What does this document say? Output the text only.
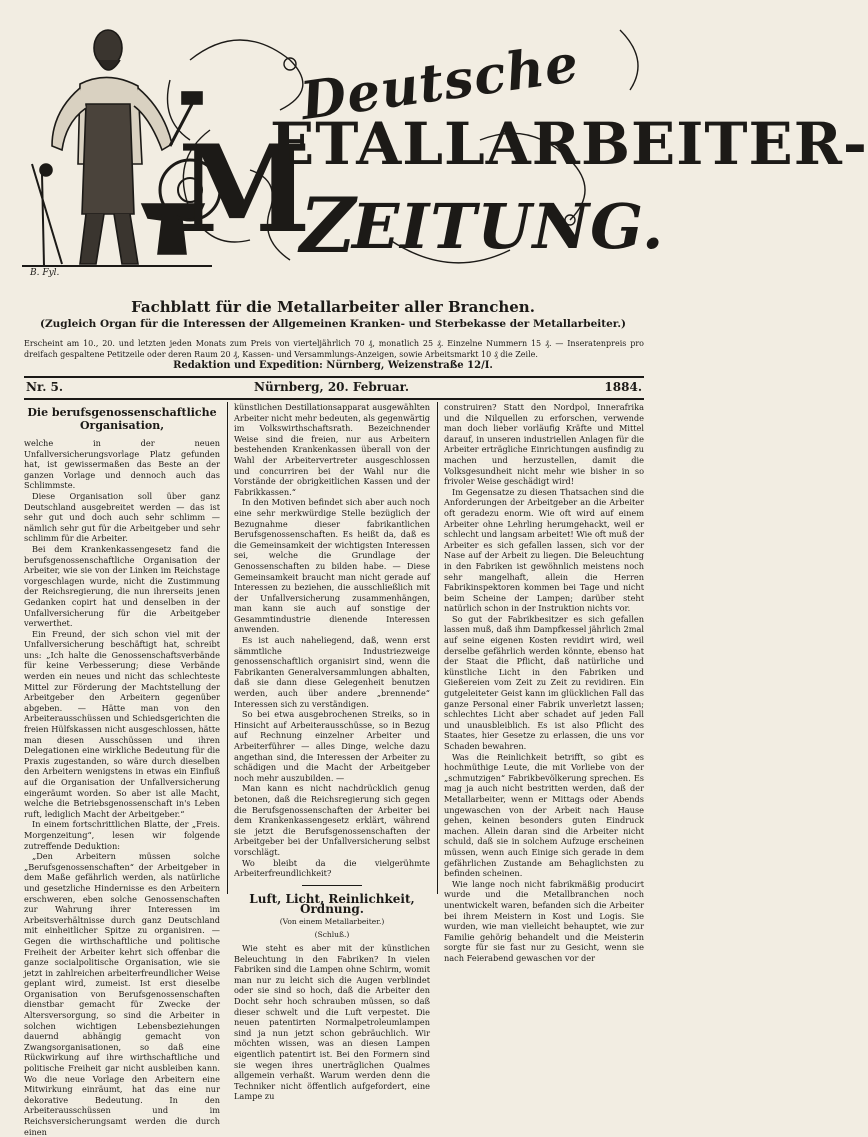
Deutsche
M
ETALLARBEITER-
Z
EITUNG.
B. Fyl.
Fachblatt für die Metallarbeiter aller Branchen.
(Zugleich Organ für die Interessen der Allgemeinen Kranken- und Sterbekasse der Metallarbeiter.)
Erscheint am 10., 20. und letzten jeden Monats zum Preis von vierteljährlich 70 ₰, monatlich 25 ₰. Einzelne Nummern 15 ₰. — Inseratenpreis pro dreifach gespaltene Petitzeile oder deren Raum 20 ₰, Kassen- und Versammlungs-Anzeigen, sowie Arbeitsmarkt 10 ₰ die Zeile.
Redaktion und Expedition: Nürnberg, Weizenstraße 12/I.
Nr. 5.	Nürnberg, 20. Februar.	1884.
Die berufsgenossenschaftliche Organisation,

welche in der neuen Unfallversicherungsvorlage Platz gefunden hat, ist gewissermaßen das Beste an der ganzen Vorlage und dennoch auch das Schlimmste.

Diese Organisation soll über ganz Deutschland ausgebreitet werden — das ist sehr gut und doch auch sehr schlimm — nämlich sehr gut für die Arbeitgeber und sehr schlimm für die Arbeiter.

Bei dem Krankenkassengesetz fand die berufsgenossenschaftliche Organisation der Arbeiter, wie sie von der Linken im Reichstage vorgeschlagen wurde, nicht die Zustimmung der Reichsregierung, die nun ihrerseits jenen Gedanken copirt hat und denselben in der Unfallversicherung für die Arbeitgeber verwerthet.

Ein Freund, der sich schon viel mit der Unfallversicherung beschäftigt hat, schreibt uns: „Ich halte die Genossenschaftsverbände für keine Verbesserung; diese Verbände werden ein neues und nicht das schlechteste Mittel zur Förderung der Machtstellung der Arbeitgeber den Arbeitern gegenüber abgeben. — Hätte man von den Arbeiterausschüssen und Schiedsgerichten die freien Hülfskassen nicht ausgeschlossen, hätte man diesen Ausschüssen und ihren Delegationen eine wirkliche Bedeutung für die Praxis zugestanden, so wäre durch dieselben den Arbeitern wenigstens in etwas ein Einfluß auf die Organisation der Unfallversicherung eingeräumt worden. So aber ist alle Macht, welche die Betriebsgenossenschaft in's Leben ruft, lediglich Macht der Arbeitgeber.“

In einem fortschrittlichen Blatte, der „Freis. Morgenzeitung“, lesen wir folgende zutreffende Deduktion:

„Den Arbeitern müssen solche „Berufsgenossenschaften“ der Arbeitgeber in dem Maße gefährlich werden, als natürliche und gesetzliche Hindernisse es den Arbeitern erschweren, eben solche Genossenschaften zur Wahrung ihrer Interessen im Arbeitsverhältnisse durch ganz Deutschland mit einheitlicher Spitze zu organisiren. — Gegen die wirthschaftliche und politische Freiheit der Arbeiter kehrt sich offenbar die ganze socialpolitische Organisation, wie sie jetzt in zahlreichen arbeiterfreundlicher Weise geplant wird, zumeist. Ist erst dieselbe Organisation von Berufsgenossenschaften dienstbar gemacht für Zwecke der Altersversorgung, so sind die Arbeiter in solchen wichtigen Lebensbeziehungen dauernd abhängig gemacht von Zwangsorganisationen, so daß eine Rückwirkung auf ihre wirthschaftliche und politische Freiheit gar nicht ausbleiben kann. Wo die neue Vorlage den Arbeitern eine Mitwirkung einräumt, hat das eine nur dekorative Bedeutung. In den Arbeiterausschüssen und im Reichsversicherungsamt werden die durch einen

künstlichen Destillationsapparat ausgewählten Arbeiter nicht mehr bedeuten, als gegenwärtig im Volkswirthschaftsrath. Bezeichnender Weise sind die freien, nur aus Arbeitern bestehenden Krankenkassen überall von der Wahl der Arbeitervertreter ausgeschlossen und concurriren bei der Wahl nur die Vorstände der obrigkeitlichen Kassen und der Fabrikkassen.“

In den Motiven befindet sich aber auch noch eine sehr merkwürdige Stelle bezüglich der Bezugnahme dieser fabrikantlichen Berufsgenossenschaften. Es heißt da, daß es die Gemeinsamkeit der wichtigsten Interessen sei, welche die Grundlage der Genossenschaften zu bilden habe. — Diese Gemeinsamkeit braucht man nicht gerade auf Interessen zu beziehen, die ausschließlich mit der Unfallversicherung zusammenhängen, man kann sie auch auf sonstige der Gesammtindustrie dienende Interessen anwenden.

Es ist auch naheliegend, daß, wenn erst sämmtliche Industriezweige genossenschaftlich organisirt sind, wenn die Fabrikanten Generalversammlungen abhalten, daß sie dann diese Gelegenheit benutzen werden, auch über andere „brennende“ Interessen sich zu verständigen.

So bei etwa ausgebrochenen Streiks, so in Hinsicht auf Arbeiterausschüsse, so in Bezug auf Rechnung einzelner Arbeiter und Arbeiterführer — alles Dinge, welche dazu angethan sind, die Interessen der Arbeiter zu schädigen und die Macht der Arbeitgeber noch mehr auszubilden. —

Man kann es nicht nachdrücklich genug betonen, daß die Reichsregierung sich gegen die Berufsgenossenschaften der Arbeiter bei dem Krankenkassengesetz erklärt, während sie jetzt die Berufsgenossenschaften der Arbeitgeber bei der Unfallversicherung selbst vorschlägt.

Wo bleibt da die vielgerühmte Arbeiterfreundlichkeit?

Luft, Licht, Reinlichkeit, Ordnung.
(Von einem Metallarbeiter.)
(Schluß.)

Wie steht es aber mit der künstlichen Beleuchtung in den Fabriken? In vielen Fabriken sind die Lampen ohne Schirm, womit man nur zu leicht sich die Augen verblindet oder sie sind so hoch, daß die Arbeiter den Docht sehr hoch schrauben müssen, so daß dieser schwelt und die Luft verpestet. Die neuen patentirten Normalpetroleumlampen sind ja nun jetzt schon gebräuchlich. Wir möchten wissen, was an diesen Lampen eigentlich patentirt ist. Bei den Formern sind sie wegen ihres unerträglichen Qualmes allgemein verhaßt. Warum werden denn die Techniker nicht öffentlich aufgefordert, eine Lampe zu

construiren? Statt den Nordpol, Innerafrika und die Nilquellen zu erforschen, verwende man doch lieber vorläufig Kräfte und Mittel darauf, in unseren industriellen Anlagen für die Arbeiter erträgliche Einrichtungen ausfindig zu machen und herzustellen, damit die Volksgesundheit nicht mehr wie bisher in so frivoler Weise geschädigt wird!

Im Gegensatze zu diesen Thatsachen sind die Anforderungen der Arbeitgeber an die Arbeiter oft geradezu enorm. Wie oft wird auf einem Arbeiter ohne Lehrling herumgehackt, weil er schlecht und langsam arbeitet! Wie oft muß der Arbeiter es sich gefallen lassen, sich vor der Nase auf der Arbeit zu liegen. Die Beleuchtung in den Fabriken ist gewöhnlich meistens noch sehr mangelhaft, allein die Herren Fabrikinspektoren kommen bei Tage und nicht beim Scheine der Lampen; darüber steht natürlich schon in der Instruktion nichts vor.

So gut der Fabrikbesitzer es sich gefallen lassen muß, daß ihm Dampfkessel jährlich 2mal auf seine eigenen Kosten revidirt wird, weil derselbe gefährlich werden könnte, ebenso hat der Staat die Pflicht, daß natürliche und künstliche Licht in den Fabriken und Gießereien vom Zeit zu Zeit zu revidiren. Ein gutgeleiteter Geist kann im glücklichen Fall das ganze Personal einer Fabrik unverletzt lassen; schlechtes Licht aber schadet auf jeden Fall und unausbleiblich. Es ist also Pflicht des Staates, hier Gesetze zu erlassen, die uns vor Schaden bewahren.

Was die Reinlichkeit betrifft, so gibt es hochmüthige Leute, die mit Vorliebe von der „schmutzigen“ Fabrikbevölkerung sprechen. Es mag ja auch nicht bestritten werden, daß der Metallarbeiter, wenn er Mittags oder Abends ungewaschen von der Arbeit nach Hause gehen, keinen besonders guten Eindruck machen. Allein daran sind die Arbeiter nicht schuld, daß sie in solchem Aufzuge erscheinen müssen, wenn auch Einige sich gerade in dem gefährlichen Zustande am Behaglichsten zu befinden scheinen.

Wie lange noch nicht fabrikmäßig producirt wurde und die Metallbranchen noch unentwickelt waren, befanden sich die Arbeiter bei ihrem Meistern in Kost und Logis. Sie wurden, wie man vielleicht behauptet, wie zur Familie gehörig behandelt und die Meisterin sorgte für sie fast nur zu Gesicht, wenn sie nach Feierabend gewaschen vor der
